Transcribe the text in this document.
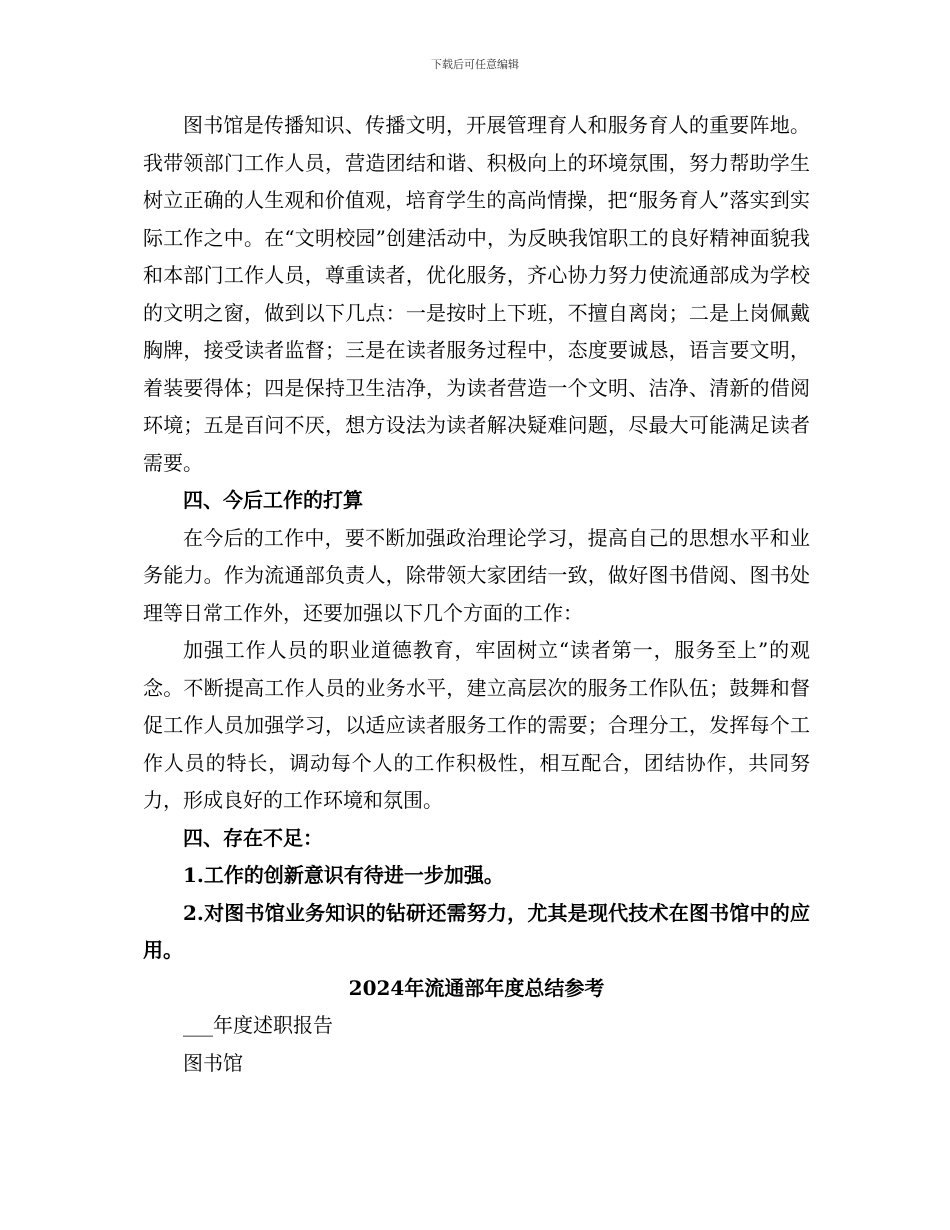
下载后可任意编辑

图书馆是传播知识、传播文明，开展管理育人和服务育人的重要阵地。我带领部门工作人员，营造团结和谐、积极向上的环境氛围，努力帮助学生树立正确的人生观和价值观，培育学生的高尚情操，把“服务育人”落实到实际工作之中。在“文明校园”创建活动中，为反映我馆职工的良好精神面貌我和本部门工作人员，尊重读者，优化服务，齐心协力努力使流通部成为学校的文明之窗，做到以下几点：一是按时上下班，不擅自离岗；二是上岗佩戴胸牌，接受读者监督；三是在读者服务过程中，态度要诚恳，语言要文明，着装要得体；四是保持卫生洁净，为读者营造一个文明、洁净、清新的借阅环境；五是百问不厌，想方设法为读者解决疑难问题，尽最大可能满足读者需要。

四、今后工作的打算

在今后的工作中，要不断加强政治理论学习，提高自己的思想水平和业务能力。作为流通部负责人，除带领大家团结一致，做好图书借阅、图书处理等日常工作外，还要加强以下几个方面的工作：

加强工作人员的职业道德教育，牢固树立“读者第一，服务至上”的观念。不断提高工作人员的业务水平，建立高层次的服务工作队伍；鼓舞和督促工作人员加强学习，以适应读者服务工作的需要；合理分工，发挥每个工作人员的特长，调动每个人的工作积极性，相互配合，团结协作，共同努力，形成良好的工作环境和氛围。

四、存在不足：

1.工作的创新意识有待进一步加强。

2.对图书馆业务知识的钻研还需努力，尤其是现代技术在图书馆中的应用。

2024年流通部年度总结参考

___年度述职报告

图书馆
